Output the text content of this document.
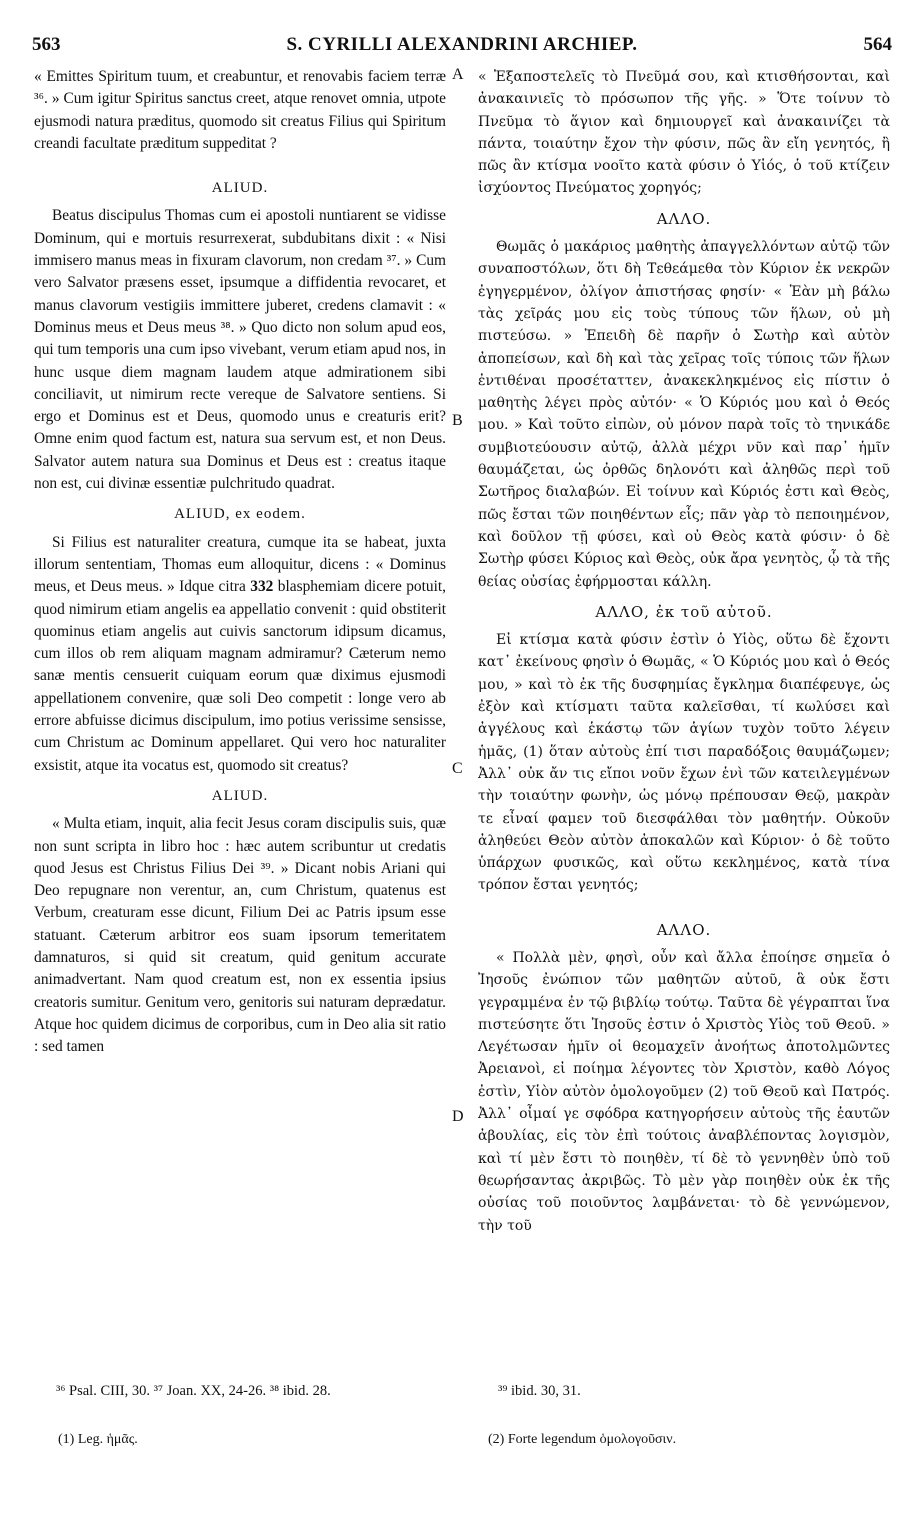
563	S. CYRILLI ALEXANDRINI ARCHIEP.	564

« Emittes Spiritum tuum, et creabuntur, et renovabis faciem terræ ³⁶. » Cum igitur Spiritus sanctus creet, atque renovet omnia, utpote ejusmodi natura præditus, quomodo sit creatus Filius qui Spiritum creandi facultate præditum suppeditat ?

ALIUD.

Beatus discipulus Thomas cum ei apostoli nuntiarent se vidisse Dominum, qui e mortuis resurrexerat, subdubitans dixit : « Nisi immisero manus meas in fixuram clavorum, non credam ³⁷. » Cum vero Salvator præsens esset, ipsumque a diffidentia revocaret, et manus clavorum vestigiis immittere juberet, credens clamavit : « Dominus meus et Deus meus ³⁸. » Quo dicto non solum apud eos, qui tum temporis una cum ipso vivebant, verum etiam apud nos, in hunc usque diem magnam laudem atque admirationem sibi conciliavit, ut nimirum recte vereque de Salvatore sentiens. Si ergo et Dominus est et Deus, quomodo unus e creaturis erit? Omne enim quod factum est, natura sua servum est, et non Deus. Salvator autem natura sua Dominus et Deus est : creatus itaque non est, cui divinæ essentiæ pulchritudo quadrat.

ALIUD, ex eodem.

Si Filius est naturaliter creatura, cumque ita se habeat, juxta illorum sententiam, Thomas eum alloquitur, dicens : « Dominus meus, et Deus meus. » Idque citra 332 blasphemiam dicere potuit, quod nimirum etiam angelis ea appellatio convenit : quid obstiterit quominus etiam angelis aut cuivis sanctorum idipsum dicamus, cum illos ob rem aliquam magnam admiramur? Cæterum nemo sanæ mentis censuerit cuiquam eorum quæ diximus ejusmodi appellationem convenire, quæ soli Deo competit : longe vero ab errore abfuisse dicimus discipulum, imo potius verissime sensisse, cum Christum ac Dominum appellaret. Qui vero hoc naturaliter exsistit, atque ita vocatus est, quomodo sit creatus?

ALIUD.

« Multa etiam, inquit, alia fecit Jesus coram discipulis suis, quæ non sunt scripta in libro hoc : hæc autem scribuntur ut credatis quod Jesus est Christus Filius Dei ³⁹. » Dicant nobis Ariani qui Deo repugnare non verentur, an, cum Christum, quatenus est Verbum, creaturam esse dicunt, Filium Dei ac Patris ipsum esse statuant. Cæterum arbitror eos suam ipsorum temeritatem damnaturos, si quid sit creatum, quid genitum accurate animadvertant. Nam quod creatum est, non ex essentia ipsius creatoris sumitur. Genitum vero, genitoris sui naturam deprædatur. Atque hoc quidem dicimus de corporibus, cum in Deo alia sit ratio : sed tamen

A
B
C
D

« Ἐξαποστελεῖς τὸ Πνεῦμά σου, καὶ κτισθήσονται, καὶ ἀνακαινιεῖς τὸ πρόσωπον τῆς γῆς. » Ὅτε τοίνυν τὸ Πνεῦμα τὸ ἅγιον καὶ δημιουργεῖ καὶ ἀνακαινίζει τὰ πάντα, τοιαύτην ἔχον τὴν φύσιν, πῶς ἂν εἴη γενητός, ἢ πῶς ἂν κτίσμα νοοῖτο κατὰ φύσιν ὁ Υἱός, ὁ τοῦ κτίζειν ἰσχύοντος Πνεύματος χορηγός;

ΑΛΛΟ.

Θωμᾶς ὁ μακάριος μαθητὴς ἀπαγγελλόντων αὐτῷ τῶν συναποστόλων, ὅτι δὴ Τεθεάμεθα τὸν Κύριον ἐκ νεκρῶν ἐγηγερμένον, ὀλίγον ἀπιστήσας φησίν· « Ἐὰν μὴ βάλω τὰς χεῖράς μου εἰς τοὺς τύπους τῶν ἥλων, οὐ μὴ πιστεύσω. » Ἐπειδὴ δὲ παρῆν ὁ Σωτὴρ καὶ αὐτὸν ἀποπείσων, καὶ δὴ καὶ τὰς χεῖρας τοῖς τύποις τῶν ἥλων ἐντιθέναι προσέταττεν, ἀνακεκληκμένος εἰς πίστιν ὁ μαθητὴς λέγει πρὸς αὐτόν· « Ὁ Κύριός μου καὶ ὁ Θεός μου. » Καὶ τοῦτο εἰπὼν, οὐ μόνον παρὰ τοῖς τὸ τηνικάδε συμβιοτεύουσιν αὐτῷ, ἀλλὰ μέχρι νῦν καὶ παρ᾽ ἡμῖν θαυμάζεται, ὡς ὀρθῶς δηλονότι καὶ ἀληθῶς περὶ τοῦ Σωτῆρος διαλαβών. Εἰ τοίνυν καὶ Κύριός ἐστι καὶ Θεὸς, πῶς ἔσται τῶν ποιηθέντων εἷς; πᾶν γὰρ τὸ πεποιημένον, καὶ δοῦλον τῇ φύσει, καὶ οὐ Θεὸς κατὰ φύσιν· ὁ δὲ Σωτὴρ φύσει Κύριος καὶ Θεὸς, οὐκ ἄρα γενητὸς, ᾧ τὰ τῆς θείας οὐσίας ἐφήρμοσται κάλλη.

ΑΛΛΟ, ἐκ τοῦ αὐτοῦ.

Εἰ κτίσμα κατὰ φύσιν ἐστὶν ὁ Υἱὸς, οὕτω δὲ ἔχοντι κατ᾽ ἐκείνους φησὶν ὁ Θωμᾶς, « Ὁ Κύριός μου καὶ ὁ Θεός μου, » καὶ τὸ ἐκ τῆς δυσφημίας ἔγκλημα διαπέφευγε, ὡς ἐξὸν καὶ κτίσματι ταῦτα καλεῖσθαι, τί κωλύσει καὶ ἀγγέλους καὶ ἑκάστῳ τῶν ἁγίων τυχὸν τοῦτο λέγειν ἡμᾶς, (1) ὅταν αὐτοὺς ἐπί τισι παραδόξοις θαυμάζωμεν; Ἀλλ᾽ οὐκ ἄν τις εἴποι νοῦν ἔχων ἑνὶ τῶν κατειλεγμένων τὴν τοιαύτην φωνὴν, ὡς μόνῳ πρέπουσαν Θεῷ, μακρὰν τε εἶναί φαμεν τοῦ διεσφάλθαι τὸν μαθητήν. Οὐκοῦν ἀληθεύει Θεὸν αὐτὸν ἀποκαλῶν καὶ Κύριον· ὁ δὲ τοῦτο ὑπάρχων φυσικῶς, καὶ οὕτω κεκλημένος, κατὰ τίνα τρόπον ἔσται γενητός;

ΑΛΛΟ.

« Πολλὰ μὲν, φησὶ, οὖν καὶ ἄλλα ἐποίησε σημεῖα ὁ Ἰησοῦς ἐνώπιον τῶν μαθητῶν αὐτοῦ, ἃ οὐκ ἔστι γεγραμμένα ἐν τῷ βιβλίῳ τούτῳ. Ταῦτα δὲ γέγραπται ἵνα πιστεύσητε ὅτι Ἰησοῦς ἐστιν ὁ Χριστὸς Υἱὸς τοῦ Θεοῦ. » Λεγέτωσαν ἡμῖν οἱ θεομαχεῖν ἀνοήτως ἀποτολμῶντες Ἀρειανοὶ, εἰ ποίημα λέγοντες τὸν Χριστὸν, καθὸ Λόγος ἐστὶν, Υἱὸν αὐτὸν ὁμολογοῦμεν (2) τοῦ Θεοῦ καὶ Πατρός. Ἀλλ᾽ οἶμαί γε σφόδρα κατηγορήσειν αὐτοὺς τῆς ἑαυτῶν ἀβουλίας, εἰς τὸν ἐπὶ τούτοις ἀναβλέποντας λογισμὸν, καὶ τί μὲν ἔστι τὸ ποιηθὲν, τί δὲ τὸ γεννηθὲν ὑπὸ τοῦ θεωρήσαντας ἀκριβῶς. Τὸ μὲν γὰρ ποιηθὲν οὐκ ἐκ τῆς οὐσίας τοῦ ποιοῦντος λαμβάνεται· τὸ δὲ γεννώμενον, τὴν τοῦ

³⁶ Psal. CIII, 30. ³⁷ Joan. XX, 24-26. ³⁸ ibid. 28.	³⁹ ibid. 30, 31.
(1) Leg. ἡμᾶς.	(2) Forte legendum ὁμολογοῦσιν.
